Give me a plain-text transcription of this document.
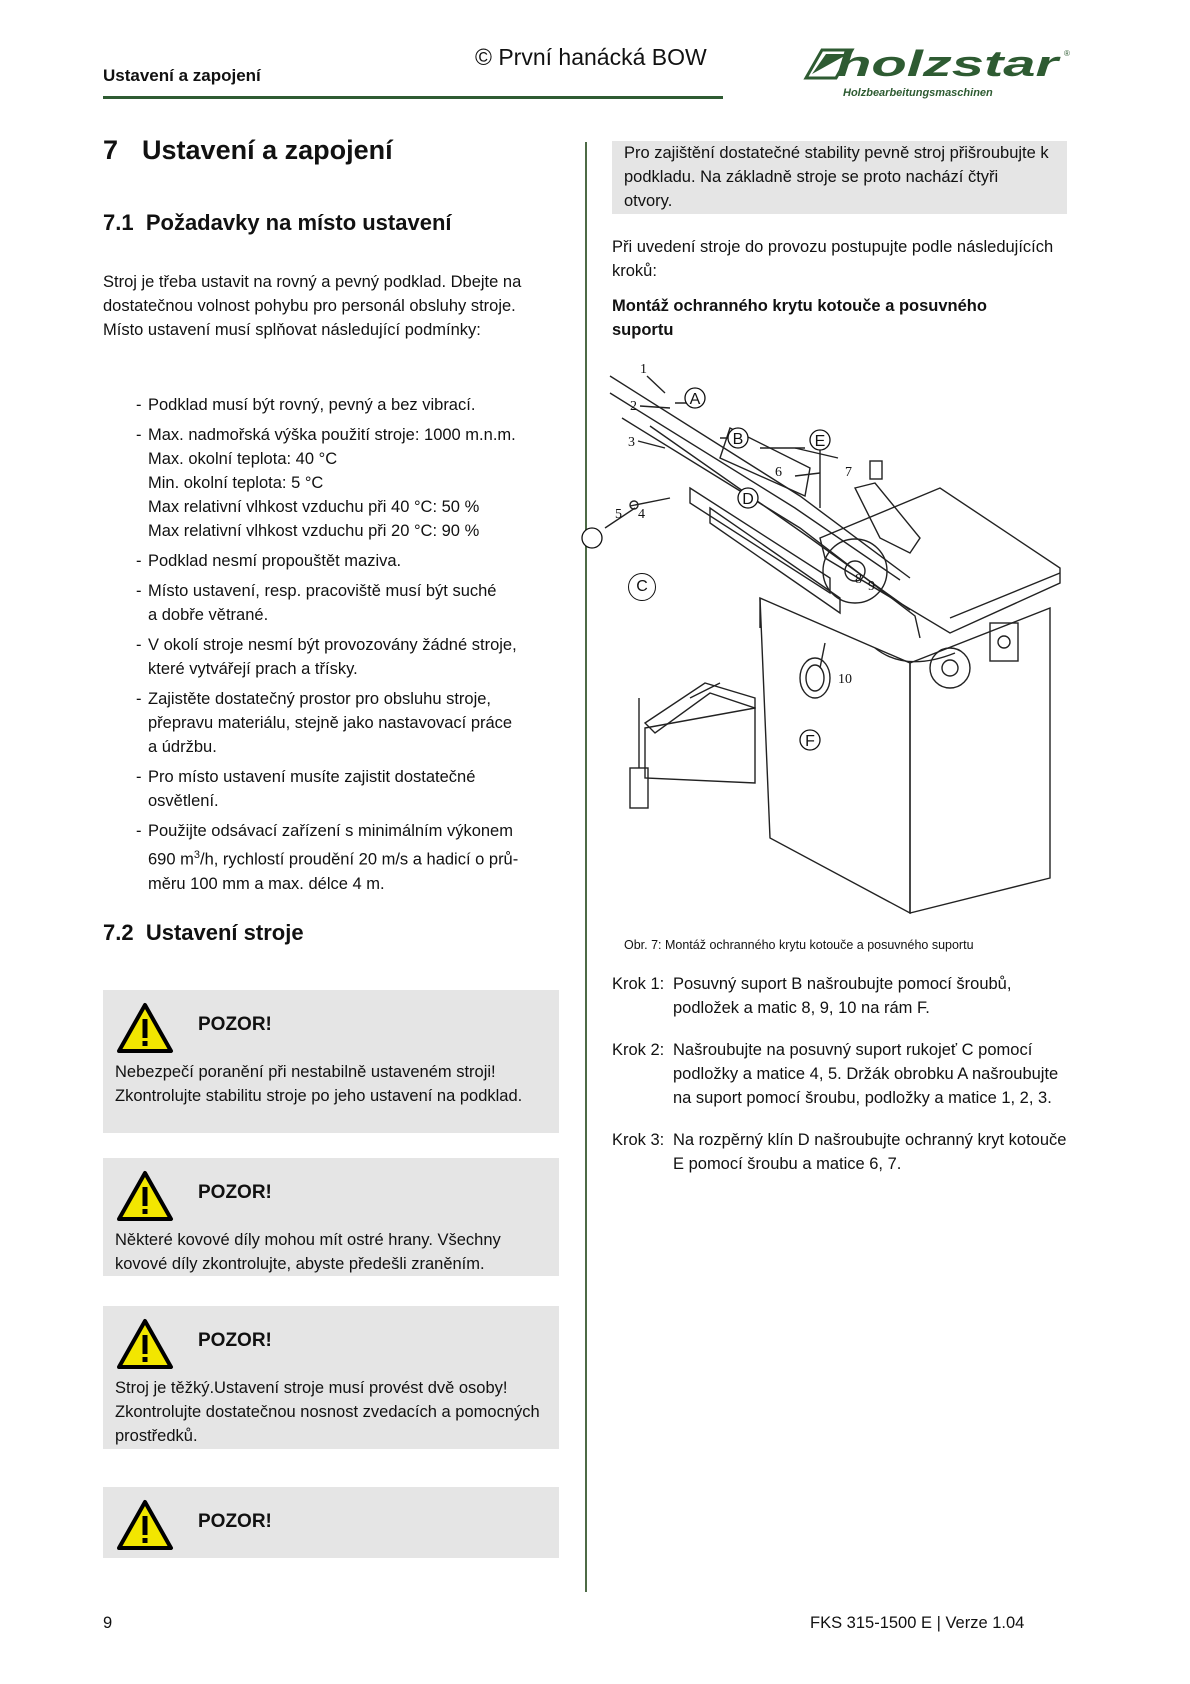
Ustavení a zapojení
© První hanácká BOW	holzstar ®
Holzbearbeitungsmaschinen
7 Ustavení a zapojení
7.1 Požadavky na místo ustavení

Stroj je třeba ustavit na rovný a pevný podklad. Dbejte na dostatečnou volnost pohybu pro personál obsluhy stroje. Místo ustavení musí splňovat následující podmínky:

- Podklad musí být rovný, pevný a bez vibrací.
- Max. nadmořská výška použití stroje: 1000 m.n.m.
Max. okolní teplota: 40 °C
Min. okolní teplota: 5 °C
Max relativní vlhkost vzduchu při 40 °C: 50 %
Max relativní vlhkost vzduchu při 20 °C: 90 %
- Podklad nesmí propouštět maziva.
- Místo ustavení, resp. pracoviště musí být suché
a dobře větrané.
- V okolí stroje nesmí být provozovány žádné stroje,
které vytvářejí prach a třísky.
- Zajistěte dostatečný prostor pro obsluhu stroje,
přepravu materiálu, stejně jako nastavovací práce
a údržbu.
- Pro místo ustavení musíte zajistit dostatečné
osvětlení.
- Použijte odsávací zařízení s minimálním výkonem
690 $m^3/h$, rychlostí proudění 20 m/s a hadicí o prů-
měru 100 mm a max. délce 4 m.
7.2 Ustavení stroje
POZOR!
Nebezpečí poranění při nestabilně ustaveném stroji! Zkontrolujte stabilitu stroje po jeho ustavení na podklad.
POZOR!
Některé kovové díly mohou mít ostré hrany. Všechny kovové díly zkontrolujte, abyste předešli zraněním.
POZOR!
Stroj je těžký.Ustavení stroje musí provést dvě osoby! Zkontrolujte dostatečnou nosnost zvedacích a pomocných prostředků.
POZOR!

Pro zajištění dostatečné stability pevně stroj přišroubujte k podkladu. Na základně stroje se proto nachází čtyři otvory.

Při uvedení stroje do provozu postupujte podle následujících kroků:

Montáž ochranného krytu kotouče a posuvného suportu

A
B	E
D
F
1
2
3
4
5
6	7
8 9
10
C

Obr. 7: Montáž ochranného krytu kotouče a posuvného suportu

Krok 1: Posuvný suport B našroubujte pomocí šroubů, podložek a matic 8, 9, 10 na rám F.
Krok 2: Našroubujte na posuvný suport rukojeť C pomocí podložky a matice 4, 5. Držák obrobku A našroubujte na suport pomocí šroubu, podložky a matice 1, 2, 3.
Krok 3: Na rozpěrný klín D našroubujte ochranný kryt kotouče E pomocí šroubu a matice 6, 7.
9	FKS 315-1500 E | Verze 1.04
